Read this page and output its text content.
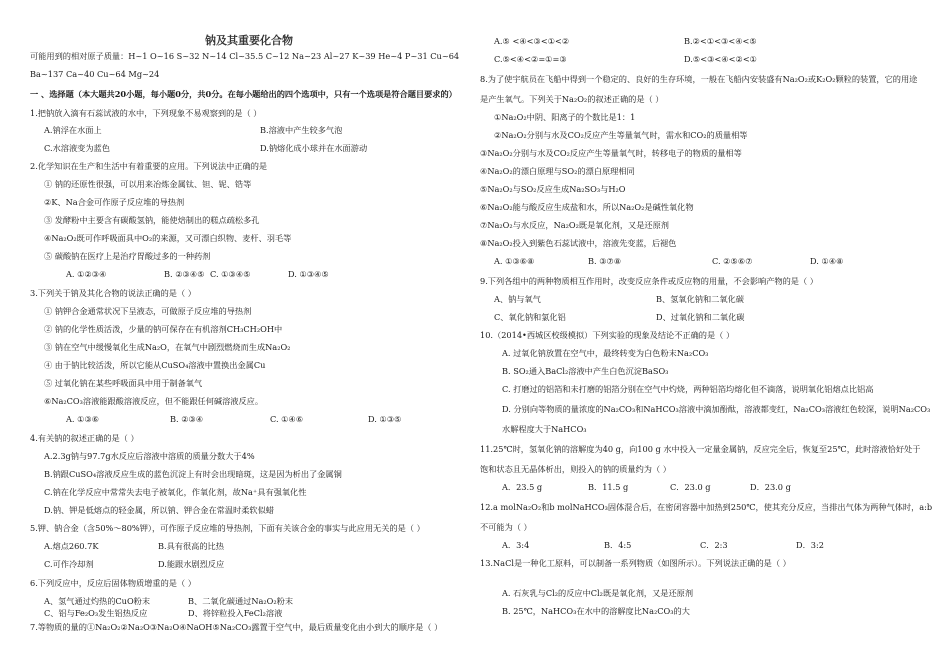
钠及其重要化合物
可能用到的相对原子质量：H~1 O~16 S~32 N~14 Cl~35.5 C~12 Na~23 Al~27 K~39 He~4 P~31 Cu~64
Ba~137 Ca~40 Cu~64 Mg~24
一 、选择题（本大题共20小题，每小题0分，共0分。在每小题给出的四个选项中，只有一个选项是符合题目要求的）
1.把钠放入滴有石蕊试液的水中，下列现象不易观察到的是（ ）
A.钠浮在水面上	B.溶液中产生较多气泡
C.水溶液变为蓝色	D.钠熔化成小球并在水面游动
2.化学知识在生产和生活中有着重要的应用。下列说法中正确的是
① 钠的还原性很强，可以用来冶炼金属钛、钽、铌、锆等
②K、Na合金可作原子反应堆的导热剂
③ 发酵粉中主要含有碳酸氢钠，能使焙制出的糕点疏松多孔
④Na₂O₂既可作呼吸面具中O₂的来源，又可漂白织物、麦杆、羽毛等
⑤ 碳酸钠在医疗上是治疗胃酸过多的一种药剂
A. ①②③④	B. ②③④⑤ C. ①③④⑤	D. ①③④⑤
3.下列关于钠及其化合物的说法正确的是（ ）
① 钠钾合金通常状况下呈液态，可做原子反应堆的导热剂
② 钠的化学性质活泼，少量的钠可保存在有机溶剂CH₃CH₂OH中
③ 钠在空气中缓慢氧化生成Na₂O，在氧气中剧烈燃烧而生成Na₂O₂
④ 由于钠比较活泼，所以它能从CuSO₄溶液中置换出金属Cu
⑤ 过氧化钠在某些呼吸面具中用于制备氧气
⑥Na₂CO₃溶液能跟酸溶液反应，但不能跟任何碱溶液反应。
A. ①③⑥	B. ②③④	C. ①④⑥	D. ①③⑤
4.有关钠的叙述正确的是（ ）
A.2.3g钠与97.7g水反应后溶液中溶质的质量分数大于4%
B.钠跟CuSO₄溶液反应生成的蓝色沉淀上有时会出现暗斑，这是因为析出了金属铜
C.钠在化学反应中常常失去电子被氧化，作氧化剂，故Na⁺具有强氧化性
D.钠、钾是低熔点的轻金属，所以钠、钾合金在常温时柔软似蜡
5.钾、钠合金（含50%～80%钾），可作原子反应堆的导热剂，下面有关该合金的事实与此应用无关的是（ ）
A.熔点260.7K	B.具有很高的比热
C.可作冷却剂	D.能跟水剧烈反应
6.下列反应中，反应后固体物质增重的是（ ）
A、氢气通过灼热的CuO粉末	B、二氧化碳通过Na₂O₂粉末
C、铝与Fe₂O₃发生铝热反应	D、将锌粒投入FeCl₂溶液
7.等物质的量的①Na₂O₂②Na₂O③Na₂O④NaOH⑤Na₂CO₃露置于空气中，最后质量变化由小到大的顺序是（ ）
A.⑤ <④<③<①<②	B.②<①<③<④<⑤
C.⑤<④<②=①=③	D.⑤<③<④<②<①
8.为了使宇航员在飞船中得到一个稳定的、良好的生存环境，一般在飞船内安装盛有Na₂O₂或K₂O₂颗粒的装置，它的用途
是产生氧气。下列关于Na₂O₂的叙述正确的是（ ）
①Na₂O₂中阴、阳离子的个数比是1：1
②Na₂O₂分别与水及CO₂反应产生等量氧气时，需水和CO₂的质量相等
③Na₂O₂分别与水及CO₂反应产生等量氧气时，转移电子的物质的量相等
④Na₂O₂的漂白原理与SO₂的漂白原理相同
⑤Na₂O₂与SO₂反应生成Na₂SO₃与H₂O
⑥Na₂O₂能与酸反应生成盐和水，所以Na₂O₂是碱性氧化物
⑦Na₂O₂与水反应，Na₂O₂既是氧化剂，又是还原剂
⑧Na₂O₂投入到紫色石蕊试液中，溶液先变蓝，后褪色
A. ①③⑥⑧	B. ③⑦⑧	C. ②⑤⑥⑦	D. ①④⑧
9.下列各组中的两种物质相互作用时，改变反应条件或反应物的用量，不会影响产物的是（ ）
A、钠与氧气	B、氢氧化钠和二氧化碳
C、氧化钠和氯化铝	D、过氧化钠和二氧化碳
10.（2014•西城区校级模拟）下列实验的现象及结论不正确的是（ ）
A. 过氧化钠放置在空气中，最终转变为白色粉末Na₂CO₃
B. SO₂通入BaCl₂溶液中产生白色沉淀BaSO₃
C. 打磨过的铝箔和未打磨的铝箔分别在空气中灼烧，两种铝箔均熔化但不滴落，说明氧化铝熔点比铝高
D. 分别向等物质的量浓度的Na₂CO₃和NaHCO₃溶液中滴加酚酞，溶液都变红，Na₂CO₃溶液红色较深，说明Na₂CO₃
水解程度大于NaHCO₃
11.25℃时，氢氧化钠的溶解度为40 g，向100 g 水中投入一定量金属钠，反应完全后，恢复至25℃，此时溶液恰好处于
饱和状态且无晶体析出，则投入的钠的质量约为（ ）
A．23.5 g	B．11.5 g	C．23.0 g	D．23.0 g
12.a molNa₂O₂和b molNaHCO₃固体混合后，在密闭容器中加热到250℃，使其充分反应，当排出气体为两种气体时，a:b
不可能为（ ）
A．3:4	B．4:5	C．2:3	D．3:2
13.NaCl是一种化工原料，可以制备一系列物质（如图所示）。下列说法正确的是（ ）
A. 石灰乳与Cl₂的反应中Cl₂既是氧化剂，又是还原剂
B. 25℃，NaHCO₃在水中的溶解度比Na₂CO₃的大
